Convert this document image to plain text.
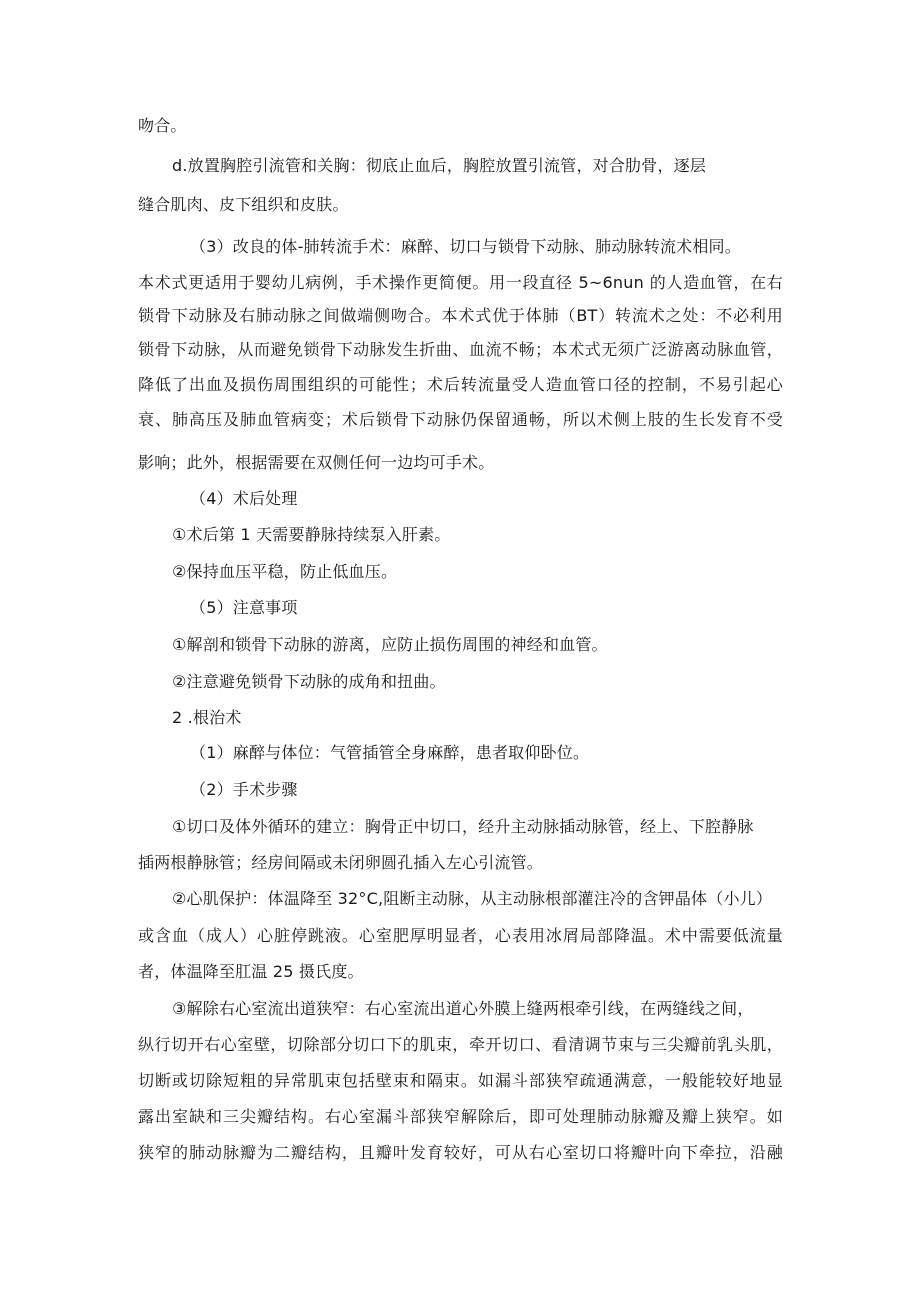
吻合。
d.放置胸腔引流管和关胸：彻底止血后，胸腔放置引流管，对合肋骨，逐层
缝合肌肉、皮下组织和皮肤。
（3）改良的体-肺转流手术：麻醉、切口与锁骨下动脉、肺动脉转流术相同。
本术式更适用于婴幼儿病例，手术操作更简便。用一段直径 5~6nun 的人造血管，在右
锁骨下动脉及右肺动脉之间做端侧吻合。本术式优于体肺（BT）转流术之处：不必利用
锁骨下动脉，从而避免锁骨下动脉发生折曲、血流不畅；本术式无须广泛游离动脉血管，
降低了出血及损伤周围组织的可能性；术后转流量受人造血管口径的控制，不易引起心
衰、肺高压及肺血管病变；术后锁骨下动脉仍保留通畅，所以术侧上肢的生长发育不受
影响；此外，根据需要在双侧任何一边均可手术。
（4）术后处理
①术后第 1 天需要静脉持续泵入肝素。
②保持血压平稳，防止低血压。
（5）注意事项
①解剖和锁骨下动脉的游离，应防止损伤周围的神经和血管。
②注意避免锁骨下动脉的成角和扭曲。
2 .根治术
（1）麻醉与体位：气管插管全身麻醉，患者取仰卧位。
（2）手术步骤
①切口及体外循环的建立：胸骨正中切口，经升主动脉插动脉管，经上、下腔静脉
插两根静脉管；经房间隔或未闭卵圆孔插入左心引流管。
②心肌保护：体温降至 32°C,阻断主动脉，从主动脉根部灌注冷的含钾晶体（小儿）
或含血（成人）心脏停跳液。心室肥厚明显者，心表用冰屑局部降温。术中需要低流量
者，体温降至肛温 25 摄氏度。
③解除右心室流出道狭窄：右心室流出道心外膜上缝两根牵引线，在两缝线之间，
纵行切开右心室壁，切除部分切口下的肌束，牵开切口、看清调节束与三尖瓣前乳头肌，
切断或切除短粗的异常肌束包括壁束和隔束。如漏斗部狭窄疏通满意，一般能较好地显
露出室缺和三尖瓣结构。右心室漏斗部狭窄解除后，即可处理肺动脉瓣及瓣上狭窄。如
狭窄的肺动脉瓣为二瓣结构，且瓣叶发育较好，可从右心室切口将瓣叶向下牵拉，沿融
